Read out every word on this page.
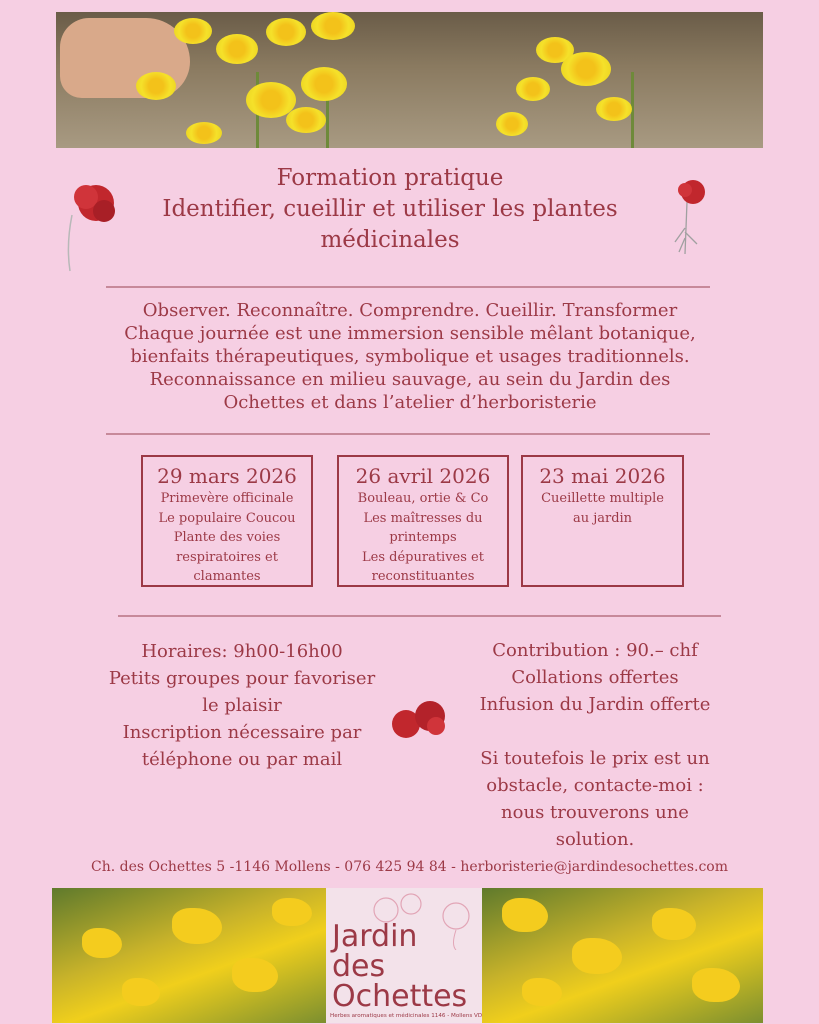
Formation pratique
Identifier, cueillir et utiliser les plantes
médicinales
Observer. Reconnaître. Comprendre. Cueillir. Transformer
Chaque journée est une immersion sensible mêlant botanique,
bienfaits thérapeutiques, symbolique et usages traditionnels.
Reconnaissance en milieu sauvage, au sein du Jardin des
Ochettes et dans l’atelier d’herboristerie
29 mars 2026
Primevère officinale
Le populaire Coucou
Plante des voies
respiratoires et
clamantes
26 avril 2026
Bouleau, ortie & Co
Les maîtresses du
printemps
Les dépuratives et
reconstituantes
23 mai 2026
Cueillette multiple
au jardin

Horaires: 9h00-16h00

Petits groupes pour favoriser

le plaisir

Inscription nécessaire par

téléphone ou par mail

Contribution : 90.– chf

Collations offertes

Infusion du Jardin offerte

Si toutefois le prix est un

obstacle, contacte-moi :

nous trouverons une

solution.

Ch. des Ochettes 5 -1146 Mollens - 076 425 94 84 - herboristerie@jardindesochettes.com
Jardin
des
Ochettes
Herbes aromatiques et médicinales 1146 - Mollens VD
